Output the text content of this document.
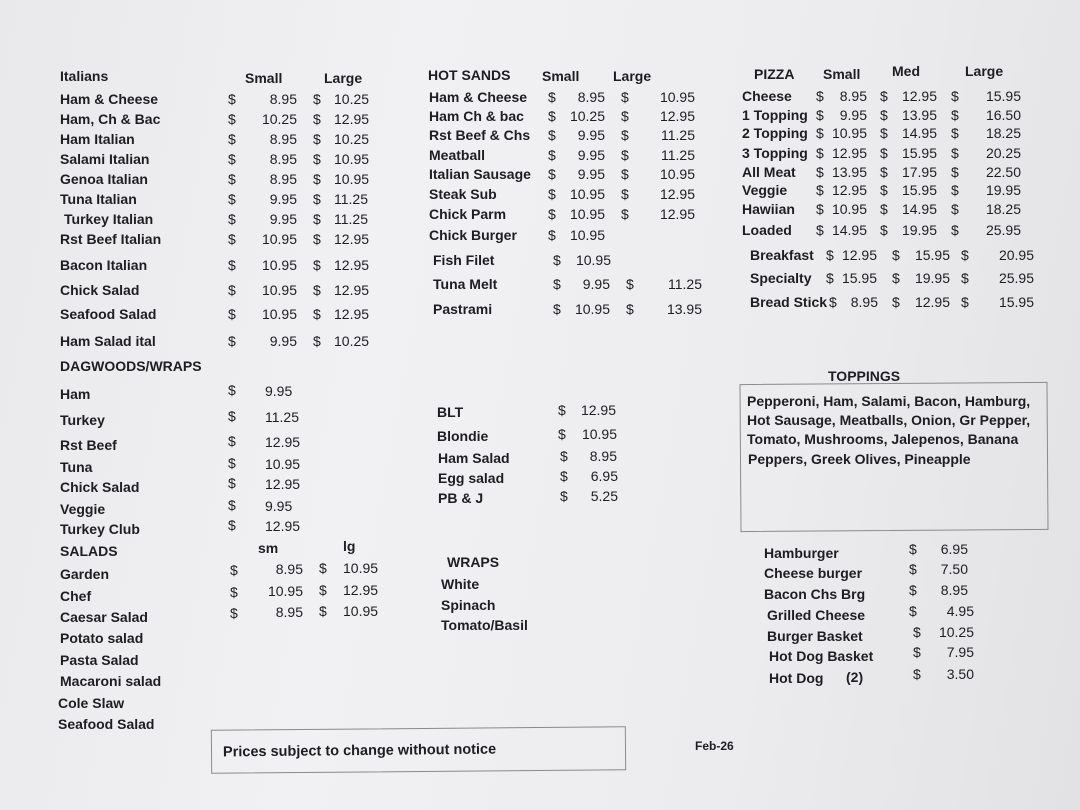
Italians	Small	Large
Ham & Cheese	$ 8.95 $ 10.25
Ham, Ch & Bac	$ 10.25 $ 12.95
Ham Italian	$ 8.95 $ 10.25
Salami Italian	$ 8.95 $ 10.95
Genoa Italian	$ 8.95 $ 10.95
Tuna Italian	$ 9.95 $ 11.25
Turkey Italian	$ 9.95 $ 11.25
Rst Beef Italian	$ 10.95 $ 12.95
Bacon Italian	$ 10.95 $ 12.95
Chick Salad	$ 10.95 $ 12.95
Seafood Salad	$ 10.95 $ 12.95
Ham Salad ital	$ 9.95 $ 10.25
HOT SANDS Small Large
Ham & Cheese $ 8.95 $ 10.95
Ham Ch & bac $ 10.25 $ 12.95
Rst Beef & Chs $ 9.95 $ 11.25
Meatball	$ 9.95 $ 11.25
Italian Sausage $ 9.95 $ 10.95
Steak Sub	$ 10.95 $ 12.95
Chick Parm	$ 10.95 $ 12.95
Chick Burger $ 10.95
Fish Filet	$ 10.95
Tuna Melt	$ 9.95 $ 11.25
Pastrami	$ 10.95 $ 13.95
PIZZA Small Med	Large
Cheese $ 8.95 $ 12.95 $ 15.95
1 Topping $ 9.95 $ 13.95 $ 16.50
2 Topping $ 10.95 $ 14.95 $ 18.25
3 Topping $ 12.95 $ 15.95 $ 20.25
All Meat $ 13.95 $ 17.95 $ 22.50
Veggie $ 12.95 $ 15.95 $ 19.95
Hawiian $ 10.95 $ 14.95 $ 18.25
Loaded $ 14.95 $ 19.95 $ 25.95
Breakfast $ 12.95 $ 15.95 $ 20.95
Specialty $ 15.95 $ 19.95 $ 25.95
Bread Stick $ 8.95 $ 12.95 $ 15.95
DAGWOODS/WRAPS
Ham	$ 9.95
Turkey	$ 11.25
Rst Beef	$ 12.95
Tuna	$ 10.95
Chick Salad	$ 12.95
Veggie	$ 9.95
Turkey Club	$ 12.95
BLT	$ 12.95
Blondie	$ 10.95
Ham Salad	$ 8.95
Egg salad	$ 6.95
PB & J	$ 5.25
TOPPINGS
Pepperoni, Ham, Salami, Bacon, Hamburg,
Hot Sausage, Meatballs, Onion, Gr Pepper,
Tomato, Mushrooms, Jalepenos, Banana
Peppers, Greek Olives, Pineapple
SALADS	sm	lg
Garden	$	8.95 $ 10.95
Chef	$ 10.95 $ 12.95
Caesar Salad	$	8.95 $ 10.95
Potato salad
Pasta Salad
Macaroni salad
Cole Slaw
Seafood Salad
WRAPS
White
Spinach
Tomato/Basil
Hamburger	$ 6.95
Cheese burger	$ 7.50
Bacon Chs Brg	$ 8.95
Grilled Cheese	$ 4.95
Burger Basket	$ 10.25
Hot Dog Basket	$ 7.95
Hot Dog (2)	$ 3.50
Prices subject to change without notice	Feb-26
